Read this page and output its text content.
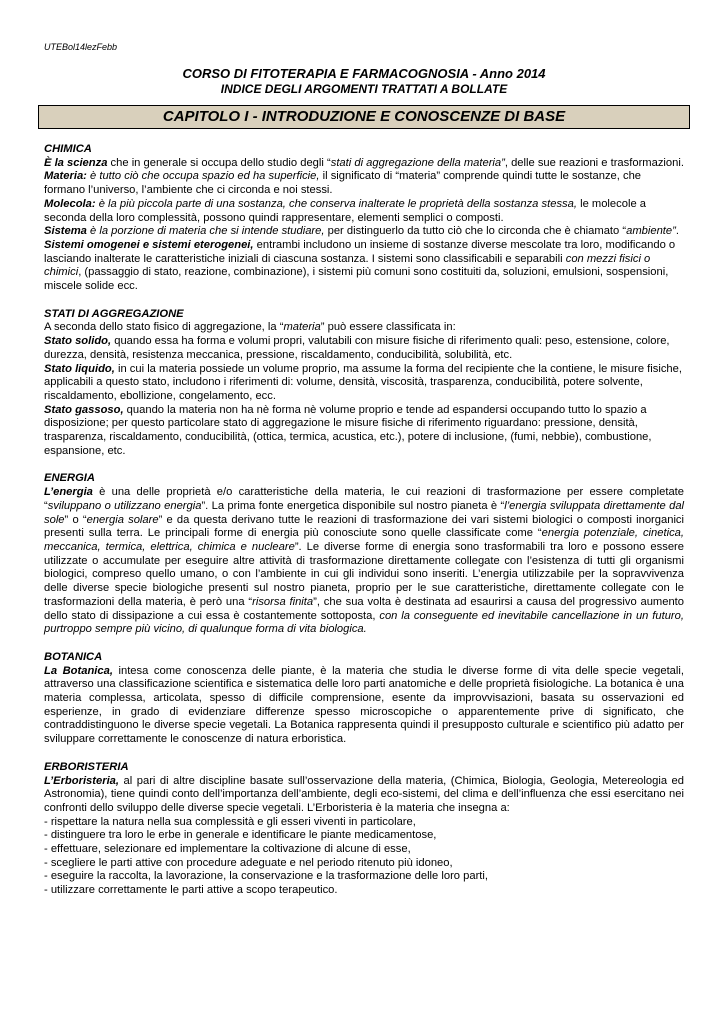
UTEBol14lezFebb

CORSO DI FITOTERAPIA E FARMACOGNOSIA - Anno 2014

INDICE DEGLI ARGOMENTI TRATTATI A BOLLATE

CAPITOLO I - INTRODUZIONE E CONOSCENZE DI BASE

CHIMICA

È la scienza che in generale si occupa dello studio degli “stati di aggregazione della materia”, delle sue reazioni e trasformazioni.

Materia: è tutto ciò che occupa spazio ed ha superficie, il significato di “materia” comprende quindi tutte le sostanze, che formano l’universo, l’ambiente che ci circonda e noi stessi.

Molecola: è la più piccola parte di una sostanza, che conserva inalterate le proprietà della sostanza stessa, le molecole a seconda della loro complessità, possono quindi rappresentare, elementi semplici o composti.

Sistema è la porzione di materia che si intende studiare, per distinguerlo da tutto ciò che lo circonda che è chiamato “ambiente”.

Sistemi omogenei e sistemi eterogenei, entrambi includono un insieme di sostanze diverse mescolate tra loro, modificando o lasciando inalterate le caratteristiche iniziali di ciascuna sostanza. I sistemi sono classificabili e separabili con mezzi fisici o chimici, (passaggio di stato, reazione, combinazione), i sistemi più comuni sono costituiti da, soluzioni, emulsioni, sospensioni, miscele solide ecc.

STATI DI AGGREGAZIONE

A seconda dello stato fisico di aggregazione, la “materia” può essere classificata in:

Stato solido, quando essa ha forma e volumi propri, valutabili con misure fisiche di riferimento quali: peso, estensione, colore, durezza, densità, resistenza meccanica, pressione, riscaldamento, conducibilità, solubilità, etc.

Stato liquido, in cui la materia possiede un volume proprio, ma assume la forma del recipiente che la contiene, le misure fisiche, applicabili a questo stato, includono i riferimenti di: volume, densità, viscosità, trasparenza, conducibilità, potere solvente, riscaldamento, ebollizione, congelamento, ecc.

Stato gassoso, quando la materia non ha nè forma nè volume proprio e tende ad espandersi occupando tutto lo spazio a disposizione; per questo particolare stato di aggregazione le misure fisiche di riferimento riguardano: pressione, densità, trasparenza, riscaldamento, conducibilità, (ottica, termica, acustica, etc.), potere di inclusione, (fumi, nebbie), combustione, espansione, etc.

ENERGIA

L’energia è una delle proprietà e/o caratteristiche della materia, le cui reazioni di trasformazione per essere completate “sviluppano o utilizzano energia”. La prima fonte energetica disponibile sul nostro pianeta è “l’energia sviluppata direttamente dal sole” o “energia solare” e da questa derivano tutte le reazioni di trasformazione dei vari sistemi biologici o composti inorganici presenti sulla terra. Le principali forme di energia più conosciute sono quelle classificate come “energia potenziale, cinetica, meccanica, termica, elettrica, chimica e nucleare”. Le diverse forme di energia sono trasformabili tra loro e possono essere utilizzate o accumulate per eseguire altre attività di trasformazione direttamente collegate con l’esistenza di tutti gli organismi biologici, compreso quello umano, o con l’ambiente in cui gli individui sono inseriti. L’energia utilizzabile per la sopravvivenza delle diverse specie biologiche presenti sul nostro pianeta, proprio per le sue caratteristiche, direttamente collegate con le trasformazioni della materia, è però una “risorsa finita”, che sua volta è destinata ad esaurirsi a causa del progressivo aumento dello stato di dissipazione a cui essa è costantemente sottoposta, con la conseguente ed inevitabile cancellazione in un futuro, purtroppo sempre più vicino, di qualunque forma di vita biologica.

BOTANICA

La Botanica, intesa come conoscenza delle piante, è la materia che studia le diverse forme di vita delle specie vegetali, attraverso una classificazione scientifica e sistematica delle loro parti anatomiche e delle proprietà fisiologiche. La botanica è una materia complessa, articolata, spesso di difficile comprensione, esente da improvvisazioni, basata su osservazioni ed esperienze, in grado di evidenziare differenze spesso microscopiche o apparentemente prive di significato, che contraddistinguono le diverse specie vegetali. La Botanica rappresenta quindi il presupposto culturale e scientifico più adatto per sviluppare correttamente le conoscenze di natura erboristica.

ERBORISTERIA

L’Erboristeria, al pari di altre discipline basate sull’osservazione della materia, (Chimica, Biologia, Geologia, Metereologia ed Astronomia), tiene quindi conto dell’importanza dell’ambiente, degli eco-sistemi, del clima e dell’influenza che essi esercitano nei confronti dello sviluppo delle diverse specie vegetali. L’Erboristeria è la materia che insegna a:

- rispettare la natura nella sua complessità e gli esseri viventi in particolare,
- distinguere tra loro le erbe in generale e identificare le piante medicamentose,
- effettuare, selezionare ed implementare la coltivazione di alcune di esse,
- scegliere le parti attive con procedure adeguate e nel periodo ritenuto più idoneo,
- eseguire la raccolta, la lavorazione, la conservazione e la trasformazione delle loro parti,
- utilizzare correttamente le parti attive a scopo terapeutico.
